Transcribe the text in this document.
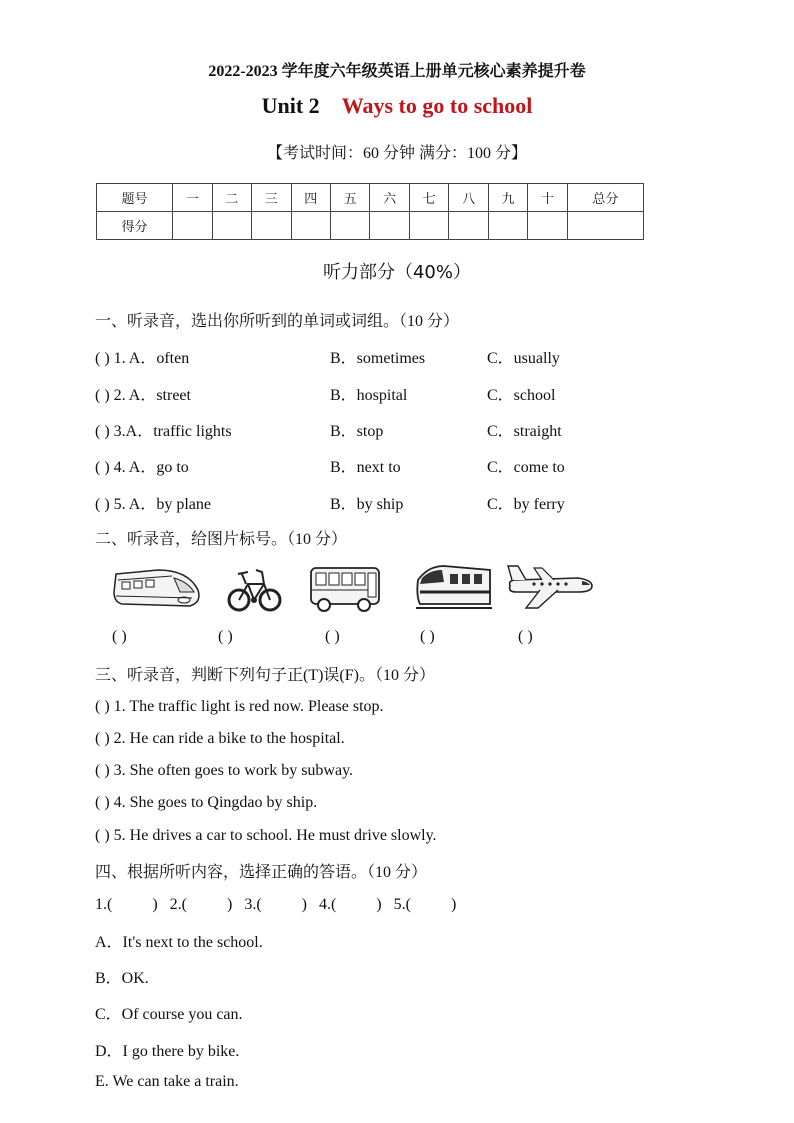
2022-2023 学年度六年级英语上册单元核心素养提升卷
Unit 2 Ways to go to school
【考试时间：60 分钟 满分：100 分】
题号	一	二	三	四	五	六	七	八	九	十	总分
得分											
听力部分（40%）
一、听录音，选出你所听到的单词或词组。（10 分）
( ) 1. A．often	B．sometimes	C．usually
( ) 2. A．street	B．hospital	C．school
( ) 3.A．traffic lights	B．stop	C．straight
( ) 4. A．go to	B．next to	C．come to
( ) 5. A．by plane	B．by ship	C．by ferry
二、听录音，给图片标号。（10 分）
( )	( )	( )	( )	( )
三、听录音，判断下列句子正(T)误(F)。（10 分）
( ) 1. The traffic light is red now. Please stop.
( ) 2. He can ride a bike to the hospital.
( ) 3. She often goes to work by subway.
( ) 4. She goes to Qingdao by ship.
( ) 5. He drives a car to school. He must drive slowly.
四、根据所听内容，选择正确的答语。（10 分）
1.(          )   2.(          )   3.(          )   4.(          )   5.(          )
A．It's next to the school.
B．OK.
C．Of course you can.
D．I go there by bike.
E. We can take a train.
